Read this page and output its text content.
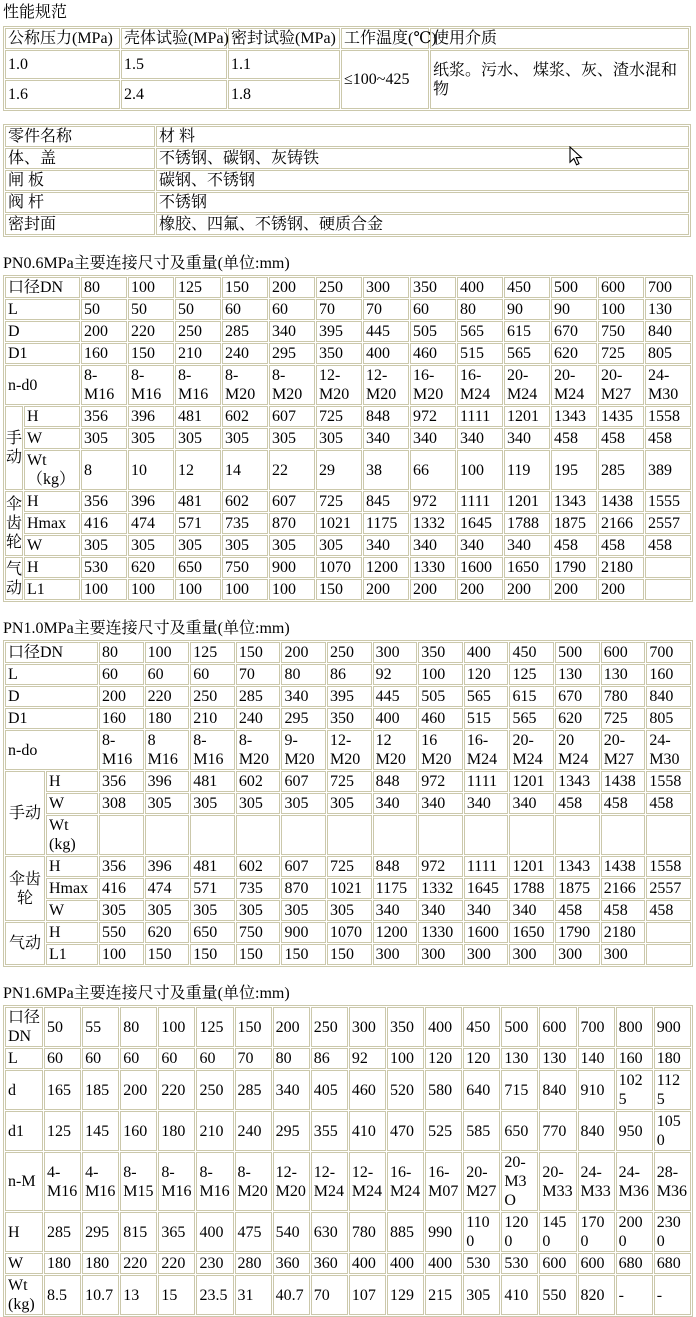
性能规范
公称压力(MPa)	壳体试验(MPa)	密封试验(MPa)	工作温度(℃)	使用介质
1.0	1.5	1.1	≤100~425	纸浆。污水、 煤浆、灰、渣水混和物
1.6	2.4	1.8		
零件名称	材 料
体、盖	不锈钢、碳钢、灰铸铁
闸 板	碳钢、不锈钢
阀 杆	不锈钢
密封面	橡胶、四氟、不锈钢、硬质合金
PN0.6MPa主要连接尺寸及重量(单位:mm)
口径DN		80	100	125	150	200	250	300	350	400	450	500	600	700
L		50	50	50	60	60	70	70	60	80	90	90	100	130
D		200	220	250	285	340	395	445	505	565	615	670	750	840
D1		160	150	210	240	295	350	400	460	515	565	620	725	805
n-d0		8-M16	8-M16	8-M16	8-M20	8-M20	12-M20	12-M20	16-M20	16-M24	20-M24	20-M24	20-M27	24-M30
手动	H	356	396	481	602	607	725	848	972	1111	1201	1343	1435	1558
	W	305	305	305	305	305	305	340	340	340	340	458	458	458
	Wt（kg）	8	10	12	14	22	29	38	66	100	119	195	285	389
伞齿轮	H	356	396	481	602	607	725	845	972	1111	1201	1343	1438	1555
	Hmax	416	474	571	735	870	1021	1175	1332	1645	1788	1875	2166	2557
	W	305	305	305	305	305	305	340	340	340	340	458	458	458
气动	H	530	620	650	750	900	1070	1200	1330	1600	1650	1790	2180	
	L1	100	100	100	100	100	150	200	200	200	200	200	200	
PN1.0MPa主要连接尺寸及重量(单位:mm)
口径DN		80	100	125	150	200	250	300	350	400	450	500	600	700
L		60	60	60	70	80	86	92	100	120	125	130	130	160
D		200	220	250	285	340	395	445	505	565	615	670	780	840
D1		160	180	210	240	295	350	400	460	515	565	620	725	805
n-do		8-M16	8 M16	8-M16	8-M20	9-M20	12-M20	12 M20	16 M20	16-M24	20-M24	20 M24	20-M27	24-M30
手动	H	356	396	481	602	607	725	848	972	1111	1201	1343	1438	1558
	W	308	305	305	305	305	305	340	340	340	340	458	458	458
	Wt (kg)													
伞齿轮	H	356	396	481	602	607	725	848	972	1111	1201	1343	1438	1558
	Hmax	416	474	571	735	870	1021	1175	1332	1645	1788	1875	2166	2557
	W	305	305	305	305	305	305	340	340	340	340	458	458	458
气动	H	550	620	650	750	900	1070	1200	1330	1600	1650	1790	2180	
	L1	100	150	150	150	150	150	300	300	300	300	300	300	
PN1.6MPa主要连接尺寸及重量(单位:mm)
口径DN	50	55	80	100	125	150	200	250	300	350	400	450	500	600	700	800	900
L	60	60	60	60	60	70	80	86	92	100	120	120	130	130	140	160	180
d	165	185	200	220	250	285	340	405	460	520	580	640	715	840	910	1025	1125
d1	125	145	160	180	210	240	295	355	410	470	525	585	650	770	840	950	1050
n-M	4-M16	4-M16	8-M15	8-M16	8-M16	8-M20	12-M20	12-M24	12-M24	16-M24	16-M07	20-M27	20-M3O	20-M33	24-M33	24-M36	28-M36
H	285	295	815	365	400	475	540	630	780	885	990	1100	1200	1450	1700	2000	2300
W	180	180	220	220	230	280	360	360	400	400	400	530	530	600	600	680	680
Wt (kg)	8.5	10.7	13	15	23.5	31	40.7	70	107	129	215	305	410	550	820	-	-
